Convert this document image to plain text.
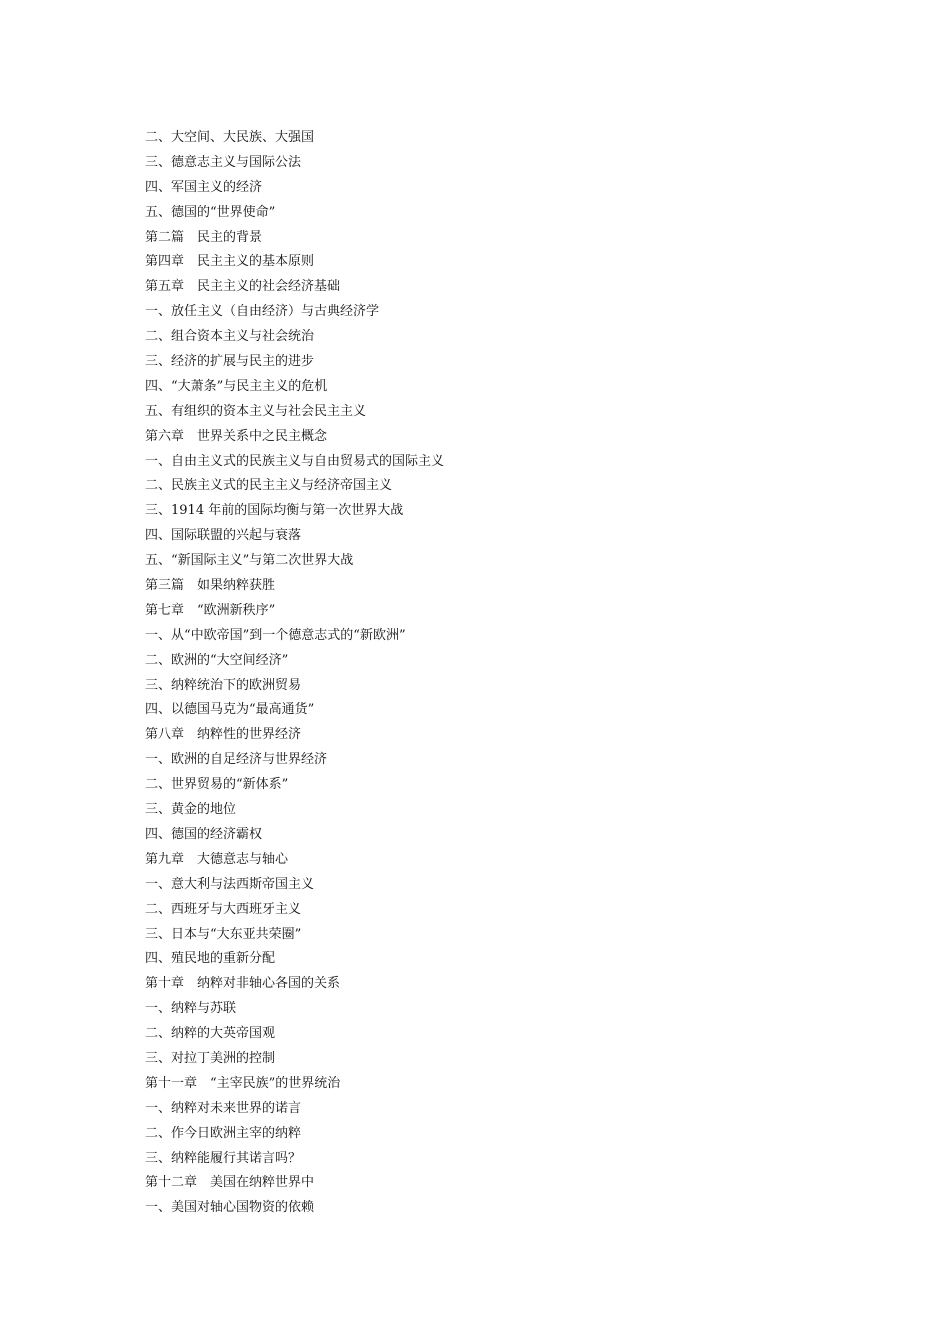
二、大空间、大民族、大强国
三、德意志主义与国际公法
四、军国主义的经济
五、德国的“世界使命”
第二篇　民主的背景
第四章　民主主义的基本原则
第五章　民主主义的社会经济基础
一、放任主义（自由经济）与古典经济学
二、组合资本主义与社会统治
三、经济的扩展与民主的进步
四、“大萧条”与民主主义的危机
五、有组织的资本主义与社会民主主义
第六章　世界关系中之民主概念
一、自由主义式的民族主义与自由贸易式的国际主义
二、民族主义式的民主主义与经济帝国主义
三、1914 年前的国际均衡与第一次世界大战
四、国际联盟的兴起与衰落
五、“新国际主义”与第二次世界大战
第三篇　如果纳粹获胜
第七章　“欧洲新秩序”
一、从“中欧帝国”到一个德意志式的“新欧洲”
二、欧洲的“大空间经济”
三、纳粹统治下的欧洲贸易
四、以德国马克为“最高通货”
第八章　纳粹性的世界经济
一、欧洲的自足经济与世界经济
二、世界贸易的“新体系”
三、黄金的地位
四、德国的经济霸权
第九章　大德意志与轴心
一、意大利与法西斯帝国主义
二、西班牙与大西班牙主义
三、日本与“大东亚共荣圈”
四、殖民地的重新分配
第十章　纳粹对非轴心各国的关系
一、纳粹与苏联
二、纳粹的大英帝国观
三、对拉丁美洲的控制
第十一章　“主宰民族”的世界统治
一、纳粹对未来世界的诺言
二、作今日欧洲主宰的纳粹
三、纳粹能履行其诺言吗？
第十二章　美国在纳粹世界中
一、美国对轴心国物资的依赖
